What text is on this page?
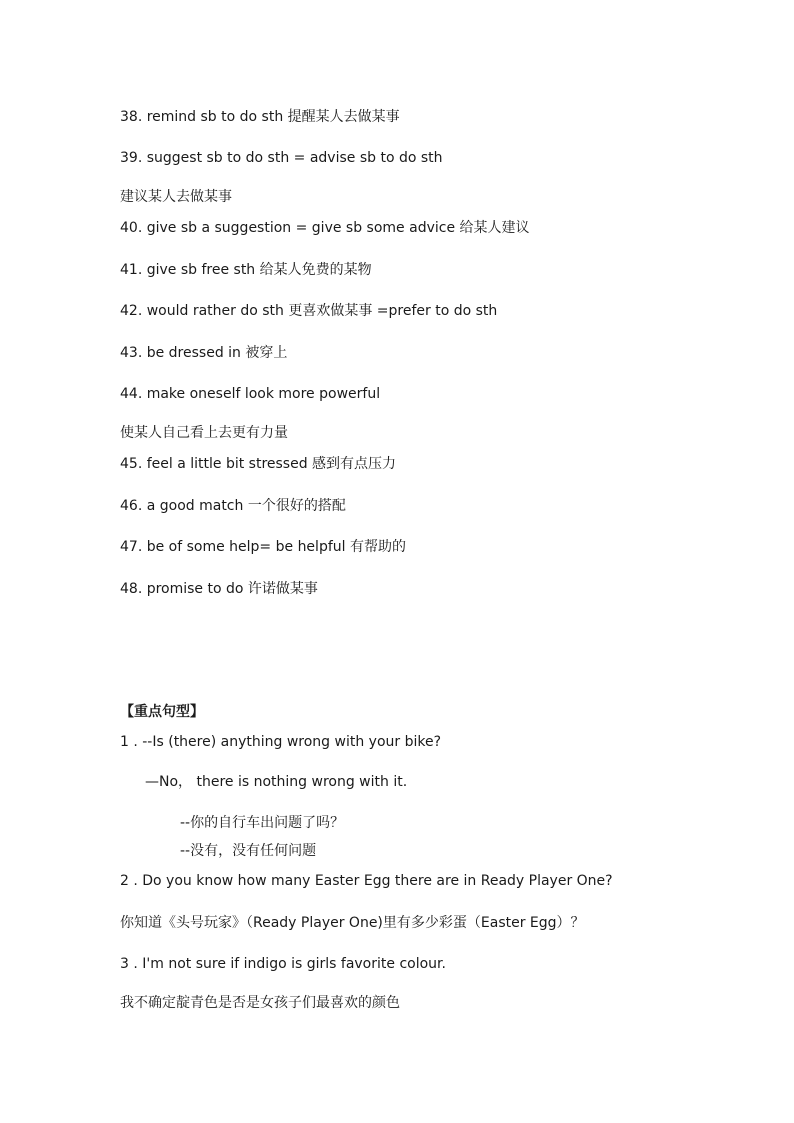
38. remind sb to do sth 提醒某人去做某事
39. suggest sb to do sth = advise sb to do sth
建议某人去做某事
40. give sb a suggestion = give sb some advice 给某人建议
41. give sb free sth 给某人免费的某物
42. would rather do sth 更喜欢做某事 =prefer to do sth
43. be dressed in 被穿上
44. make oneself look more powerful
使某人自己看上去更有力量
45. feel a little bit stressed 感到有点压力
46. a good match 一个很好的搭配
47. be of some help= be helpful 有帮助的
48. promise to do 许诺做某事
【重点句型】
1 . --Is (there) anything wrong with your bike?
—No， there is nothing wrong with it.
--你的自行车出问题了吗？
--没有，没有任何问题
2 . Do you know how many Easter Egg there are in Ready Player One?
你知道《头号玩家》（Ready Player One)里有多少彩蛋（Easter Egg）？
3 . I'm not sure if indigo is girls favorite colour.
我不确定靛青色是否是女孩子们最喜欢的颜色
